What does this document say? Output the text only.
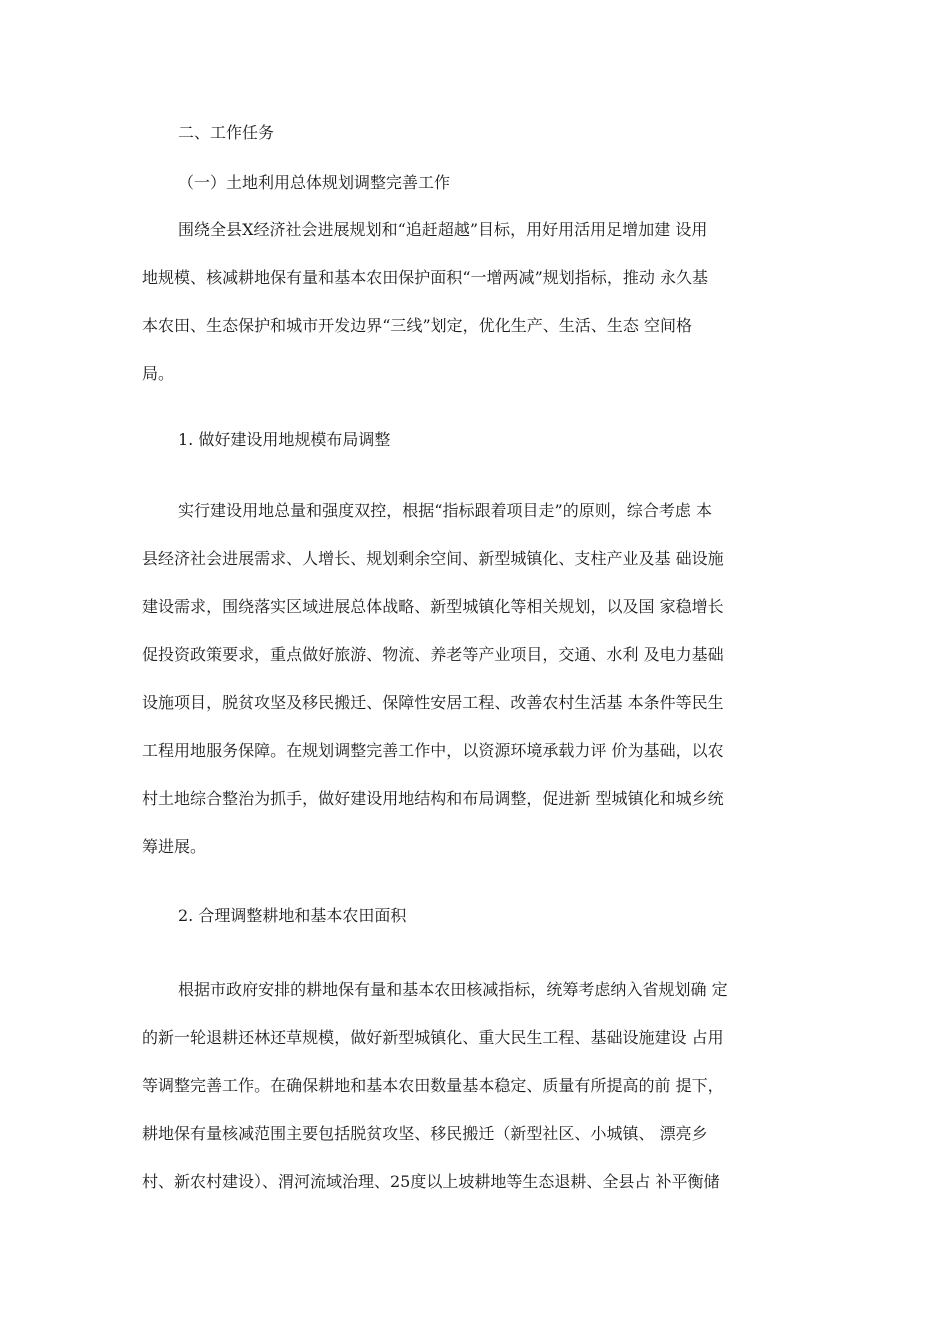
二、工作任务
（一）土地利用总体规划调整完善工作
围绕全县X经济社会进展规划和“追赶超越”目标，用好用活用足增加建 设用
地规模、核减耕地保有量和基本农田保护面积“一增两减”规划指标，推动 永久基
本农田、生态保护和城市开发边界“三线”划定，优化生产、生活、生态 空间格
局。
1. 做好建设用地规模布局调整
实行建设用地总量和强度双控，根据“指标跟着项目走”的原则，综合考虑 本
县经济社会进展需求、人增长、规划剩余空间、新型城镇化、支柱产业及基 础设施
建设需求，围绕落实区域进展总体战略、新型城镇化等相关规划，以及国 家稳增长
促投资政策要求，重点做好旅游、物流、养老等产业项目，交通、水利 及电力基础
设施项目，脱贫攻坚及移民搬迁、保障性安居工程、改善农村生活基 本条件等民生
工程用地服务保障。在规划调整完善工作中，以资源环境承载力评 价为基础，以农
村土地综合整治为抓手，做好建设用地结构和布局调整，促进新 型城镇化和城乡统
筹进展。
2. 合理调整耕地和基本农田面积
根据市政府安排的耕地保有量和基本农田核减指标，统筹考虑纳入省规划确 定
的新一轮退耕还林还草规模，做好新型城镇化、重大民生工程、基础设施建设 占用
等调整完善工作。在确保耕地和基本农田数量基本稳定、质量有所提高的前 提下，
耕地保有量核减范围主要包括脱贫攻坚、移民搬迁（新型社区、小城镇、 漂亮乡
村、新农村建设）、渭河流域治理、25度以上坡耕地等生态退耕、全县占 补平衡储
